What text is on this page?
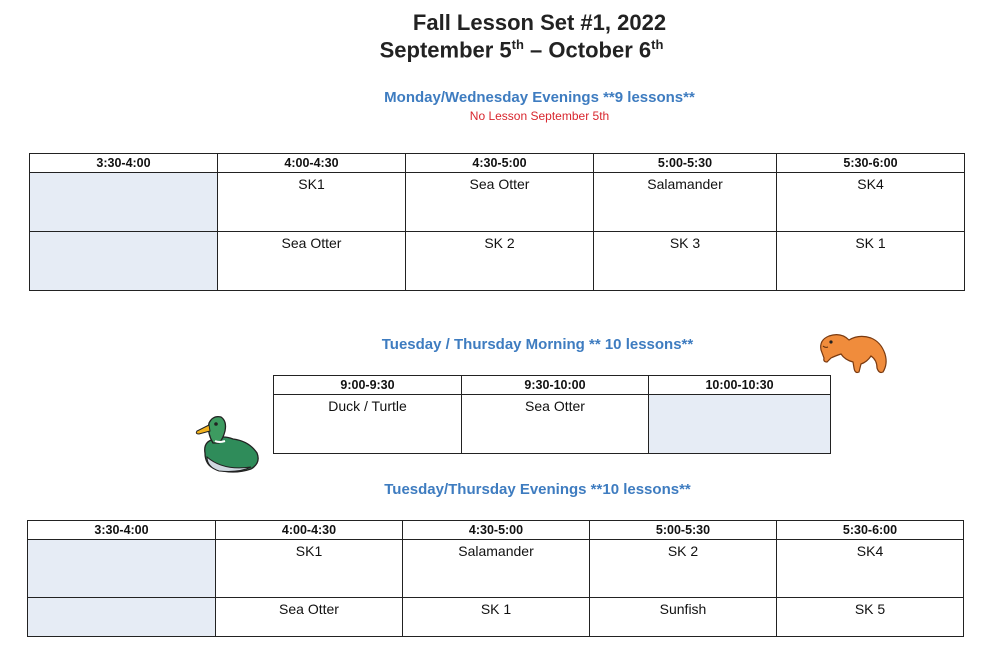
Fall Lesson Set #1, 2022
September 5th – October 6th
Monday/Wednesday Evenings **9 lessons**
No Lesson September 5th
3:30-4:00	4:00-4:30	4:30-5:00	5:00-5:30	5:30-6:00
	SK1	Sea Otter	Salamander	SK4
	Sea Otter	SK 2	SK 3	SK 1
Tuesday / Thursday Morning ** 10 lessons**
9:00-9:30	9:30-10:00	10:00-10:30
Duck / Turtle	Sea Otter	
Tuesday/Thursday Evenings **10 lessons**
3:30-4:00	4:00-4:30	4:30-5:00	5:00-5:30	5:30-6:00
	SK1	Salamander	SK 2	SK4
	Sea Otter	SK 1	Sunfish	SK 5
